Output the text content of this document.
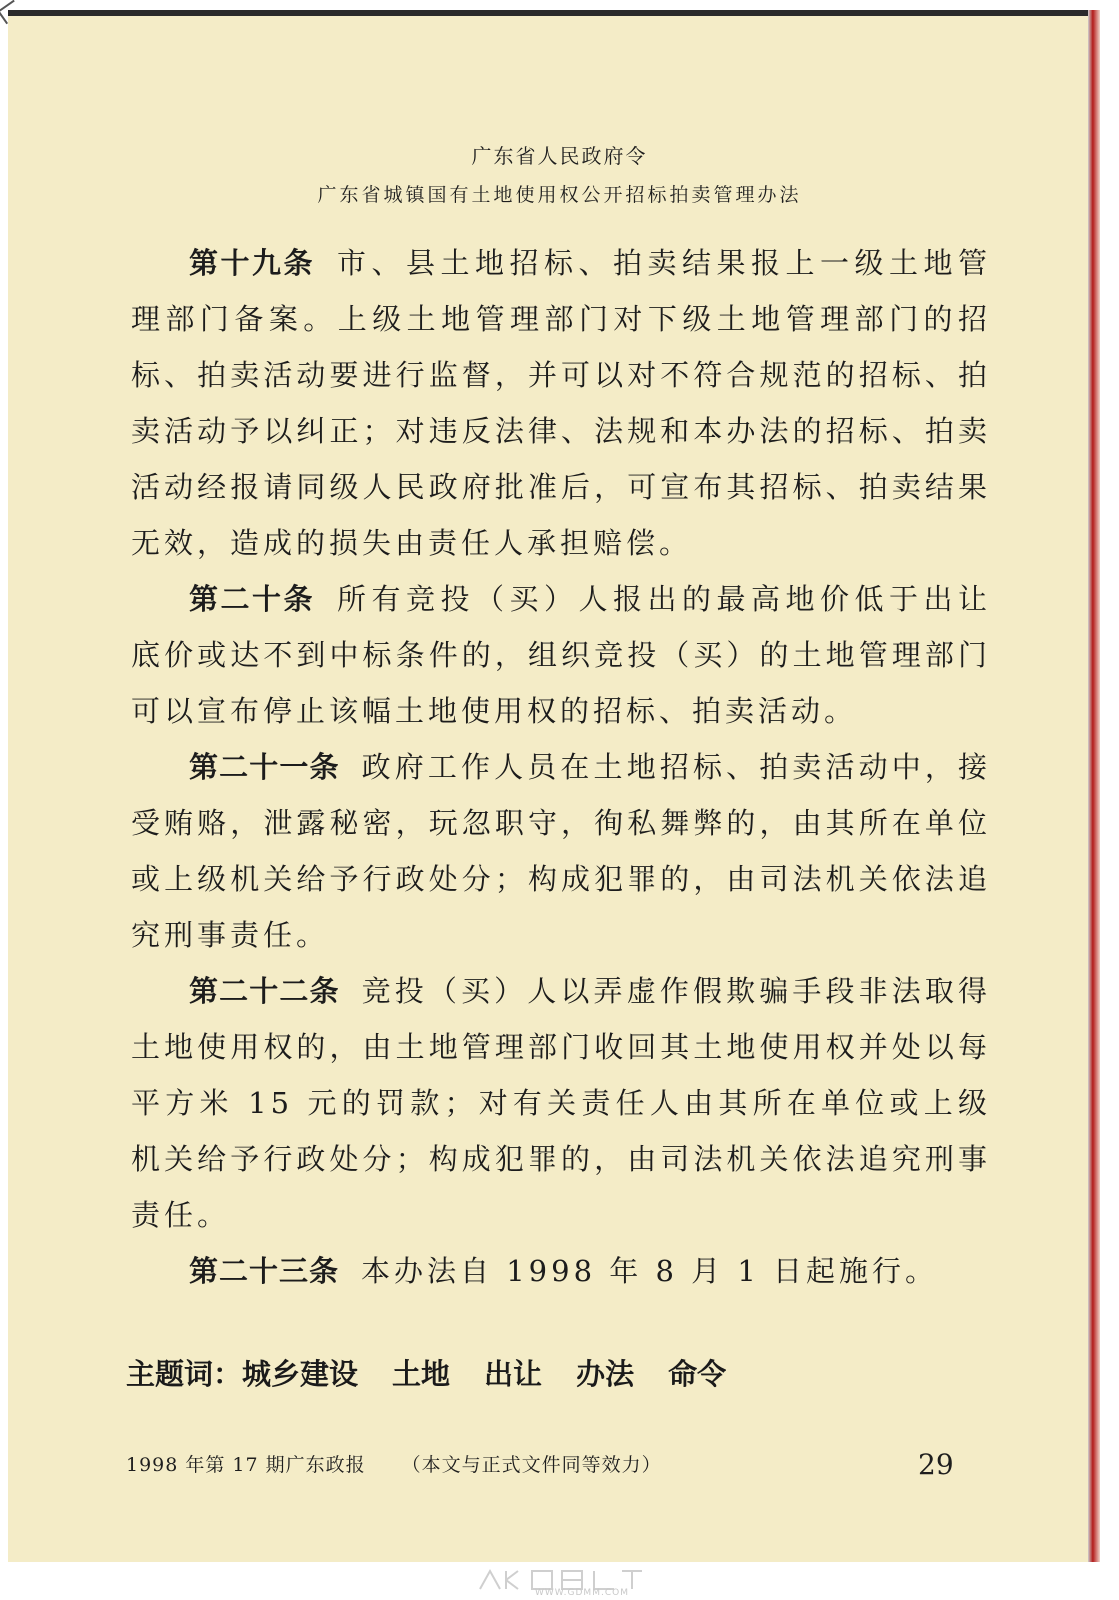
广东省人民政府令
广东省城镇国有土地使用权公开招标拍卖管理办法

第十九条 市、县土地招标、拍卖结果报上一级土地管理部门备案。上级土地管理部门对下级土地管理部门的招标、拍卖活动要进行监督，并可以对不符合规范的招标、拍卖活动予以纠正；对违反法律、法规和本办法的招标、拍卖活动经报请同级人民政府批准后，可宣布其招标、拍卖结果无效，造成的损失由责任人承担赔偿。

第二十条 所有竞投（买）人报出的最高地价低于出让底价或达不到中标条件的，组织竞投（买）的土地管理部门可以宣布停止该幅土地使用权的招标、拍卖活动。

第二十一条 政府工作人员在土地招标、拍卖活动中，接受贿赂，泄露秘密，玩忽职守，徇私舞弊的，由其所在单位或上级机关给予行政处分；构成犯罪的，由司法机关依法追究刑事责任。

第二十二条 竞投（买）人以弄虚作假欺骗手段非法取得土地使用权的，由土地管理部门收回其土地使用权并处以每平方米 15 元的罚款；对有关责任人由其所在单位或上级机关给予行政处分；构成犯罪的，由司法机关依法追究刑事责任。

第二十三条 本办法自 1998 年 8 月 1 日起施行。

主题词：城乡建设 土地 出让 办法 命令
1998 年第 17 期广东政报 （本文与正式文件同等效力）	29
WWW.GDMM.COM
